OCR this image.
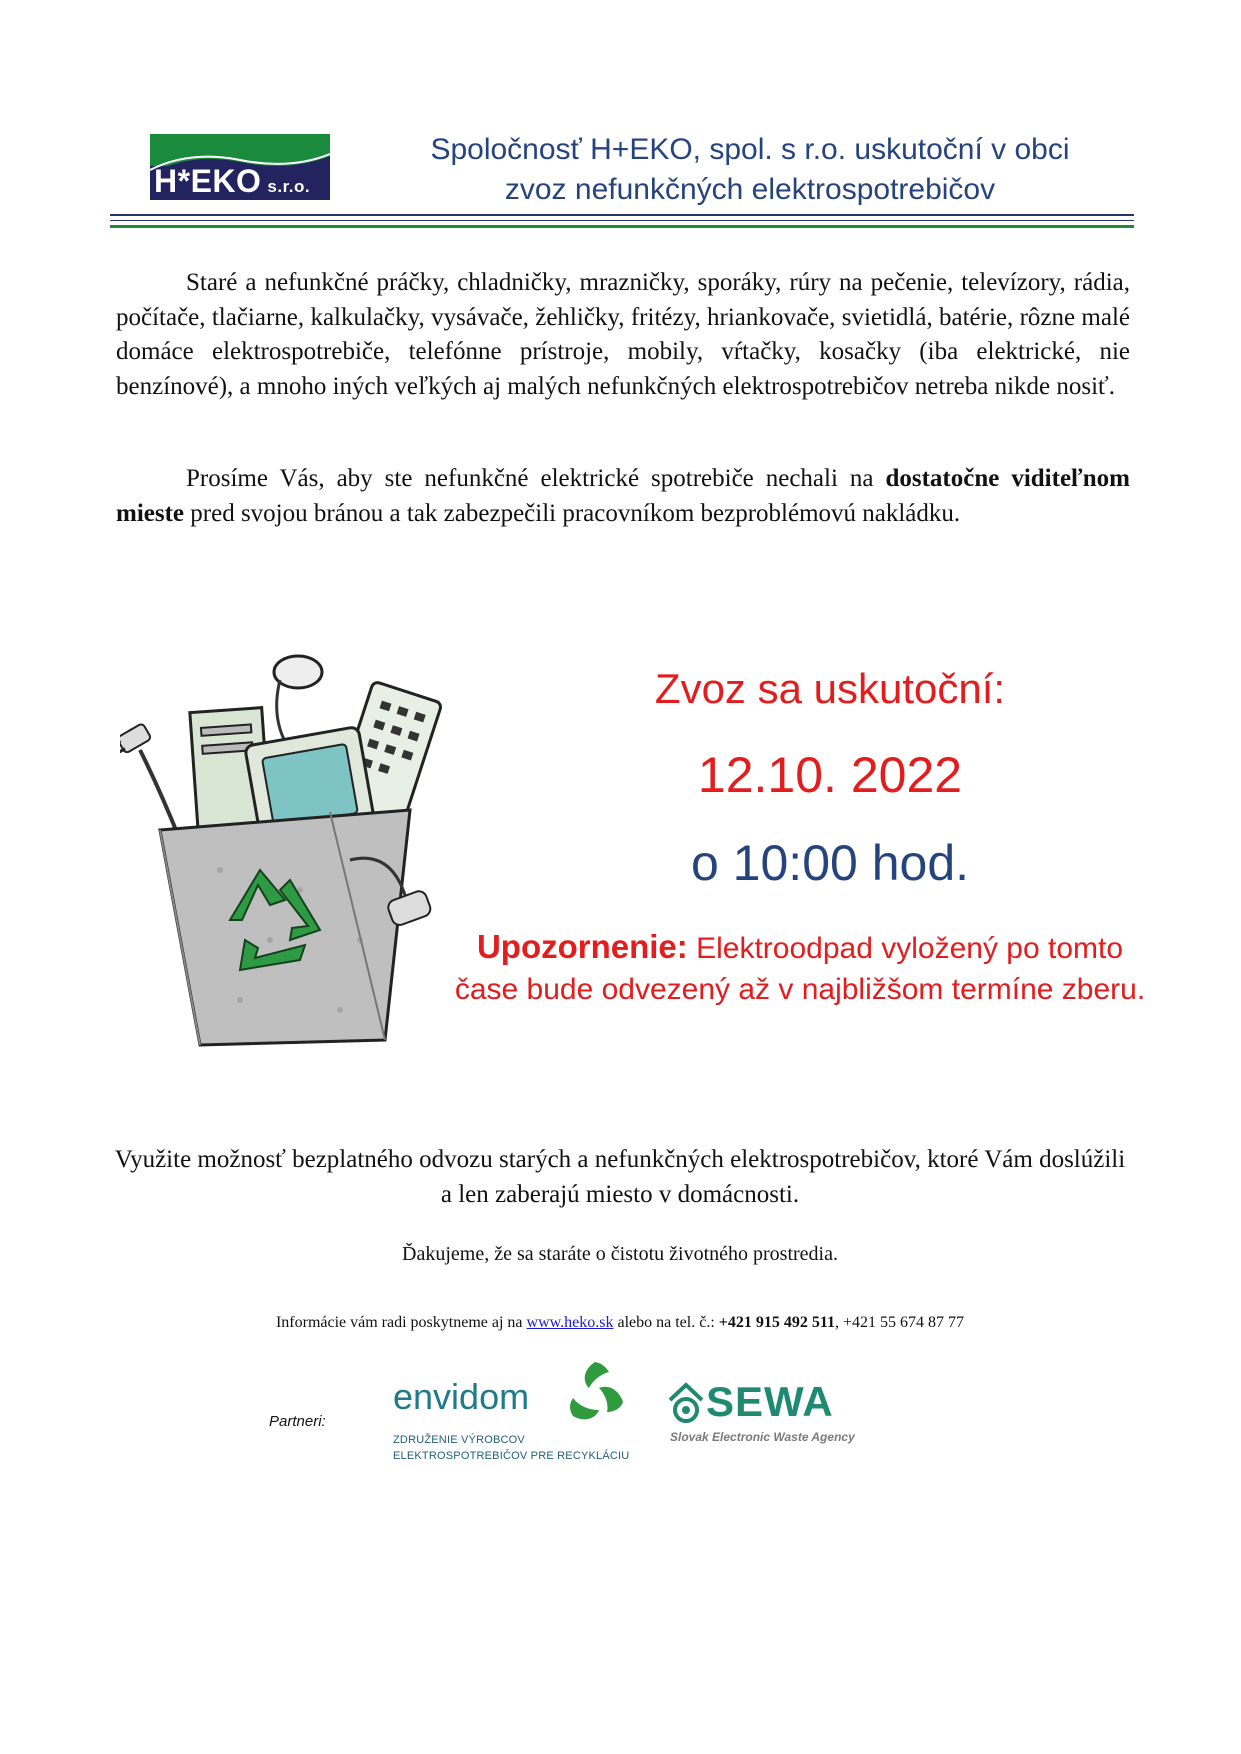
H*EKO s.r.o.
Spoločnosť H+EKO, spol. s r.o. uskutoční v obci
zvoz nefunkčných elektrospotrebičov

Staré a nefunkčné práčky, chladničky, mrazničky, sporáky, rúry na pečenie, televízory, rádia, počítače, tlačiarne, kalkulačky, vysávače, žehličky, fritézy, hriankovače, svietidlá, batérie, rôzne malé domáce elektrospotrebiče, telefónne prístroje, mobily, vŕtačky, kosačky (iba elektrické, nie benzínové), a mnoho iných veľkých aj malých nefunkčných elektrospotrebičov netreba nikde nosiť.

Prosíme Vás, aby ste nefunkčné elektrické spotrebiče nechali na dostatočne viditeľnom mieste pred svojou bránou a tak zabezpečili pracovníkom bezproblémovú nakládku.

Zvoz sa uskutoční:
12.10. 2022
o 10:00 hod.
Upozornenie: Elektroodpad vyložený po tomto čase bude odvezený až v najbližšom termíne zberu.
Využite možnosť bezplatného odvozu starých a nefunkčných elektrospotrebičov, ktoré Vám doslúžili a len zaberajú miesto v domácnosti.
Ďakujeme, že sa staráte o čistotu životného prostredia.
Informácie vám radi poskytneme aj na www.heko.sk alebo na tel. č.: +421 915 492 511, +421 55 674 87 77
Partneri:
envidom
ZDRUŽENIE VÝROBCOV
ELEKTROSPOTREBIČOV PRE RECYKLÁCIU
SEWA
Slovak Electronic Waste Agency
